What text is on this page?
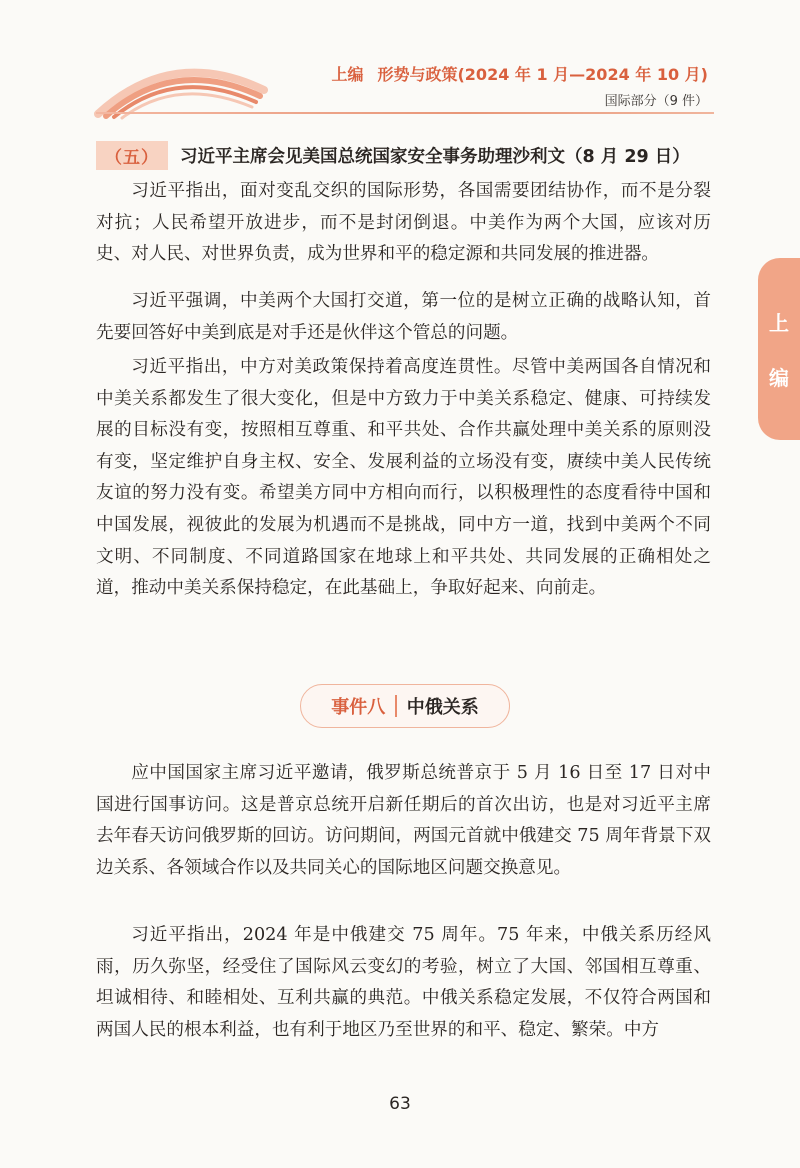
上编 形势与政策(2024 年 1 月—2024 年 10 月)
国际部分（9 件）
上
编
（五）	习近平主席会见美国总统国家安全事务助理沙利文（8 月 29 日）

习近平指出，面对变乱交织的国际形势，各国需要团结协作，而不是分裂对抗；人民希望开放进步，而不是封闭倒退。中美作为两个大国，应该对历史、对人民、对世界负责，成为世界和平的稳定源和共同发展的推进器。

习近平强调，中美两个大国打交道，第一位的是树立正确的战略认知，首先要回答好中美到底是对手还是伙伴这个管总的问题。

习近平指出，中方对美政策保持着高度连贯性。尽管中美两国各自情况和中美关系都发生了很大变化，但是中方致力于中美关系稳定、健康、可持续发展的目标没有变，按照相互尊重、和平共处、合作共赢处理中美关系的原则没有变，坚定维护自身主权、安全、发展利益的立场没有变，赓续中美人民传统友谊的努力没有变。希望美方同中方相向而行，以积极理性的态度看待中国和中国发展，视彼此的发展为机遇而不是挑战，同中方一道，找到中美两个不同文明、不同制度、不同道路国家在地球上和平共处、共同发展的正确相处之道，推动中美关系保持稳定，在此基础上，争取好起来、向前走。

事件八 中俄关系

应中国国家主席习近平邀请，俄罗斯总统普京于 5 月 16 日至 17 日对中国进行国事访问。这是普京总统开启新任期后的首次出访，也是对习近平主席去年春天访问俄罗斯的回访。访问期间，两国元首就中俄建交 75 周年背景下双边关系、各领域合作以及共同关心的国际地区问题交换意见。

习近平指出，2024 年是中俄建交 75 周年。75 年来，中俄关系历经风雨，历久弥坚，经受住了国际风云变幻的考验，树立了大国、邻国相互尊重、坦诚相待、和睦相处、互利共赢的典范。中俄关系稳定发展，不仅符合两国和两国人民的根本利益，也有利于地区乃至世界的和平、稳定、繁荣。中方

63
